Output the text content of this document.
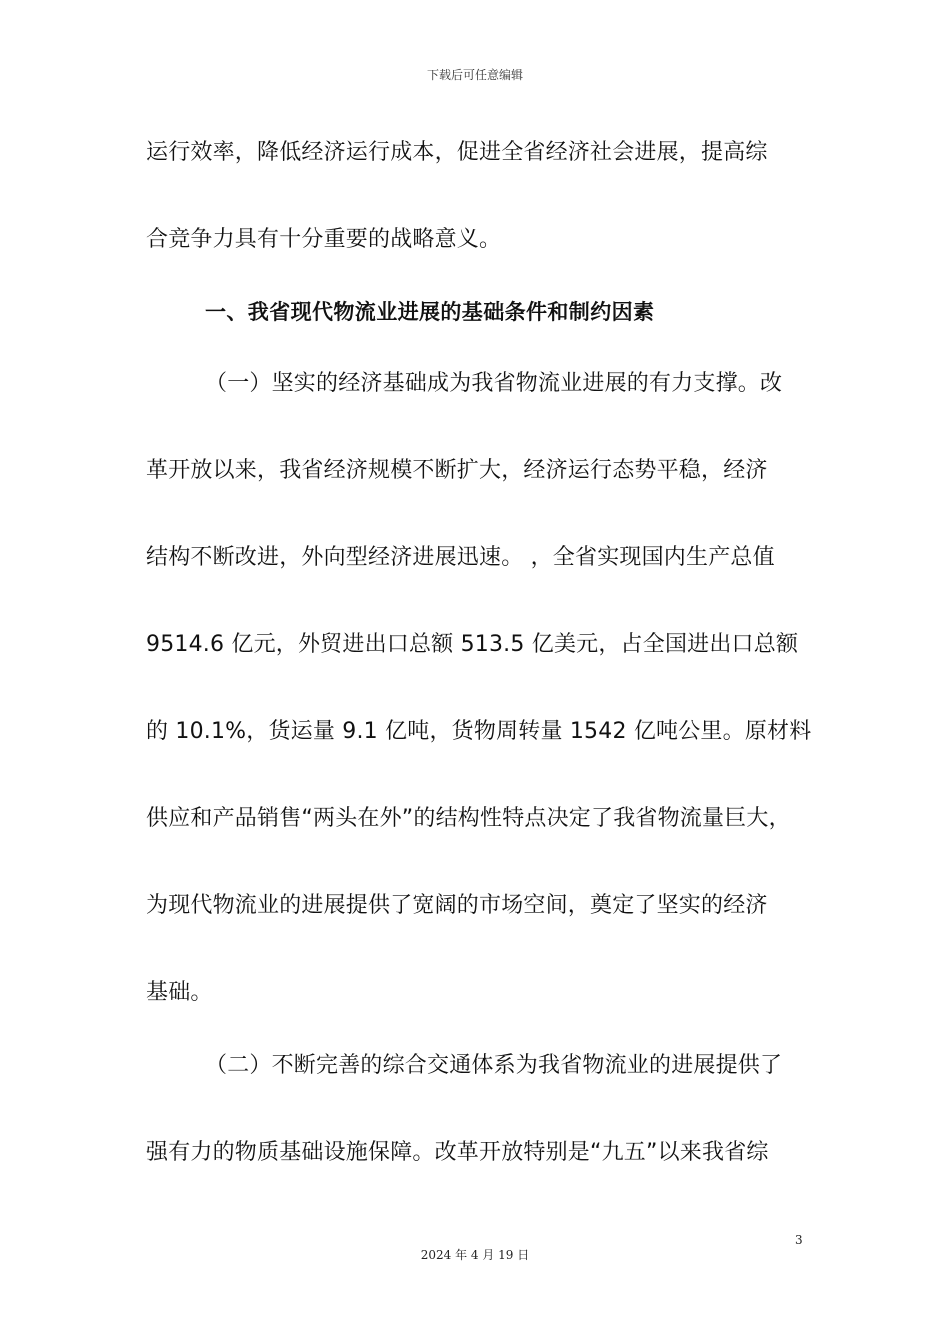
下载后可任意编辑
运行效率，降低经济运行成本，促进全省经济社会进展，提高综
合竞争力具有十分重要的战略意义。
一、我省现代物流业进展的基础条件和制约因素
（一）坚实的经济基础成为我省物流业进展的有力支撑。改
革开放以来，我省经济规模不断扩大，经济运行态势平稳，经济
结构不断改进，外向型经济进展迅速。 ，全省实现国内生产总值
9514.6 亿元，外贸进出口总额 513.5 亿美元，占全国进出口总额
的 10.1%，货运量 9.1 亿吨，货物周转量 1542 亿吨公里。原材料
供应和产品销售“两头在外”的结构性特点决定了我省物流量巨大，
为现代物流业的进展提供了宽阔的市场空间，奠定了坚实的经济
基础。
（二）不断完善的综合交通体系为我省物流业的进展提供了
强有力的物质基础设施保障。改革开放特别是“九五”以来我省综
3
2024 年 4 月 19 日
